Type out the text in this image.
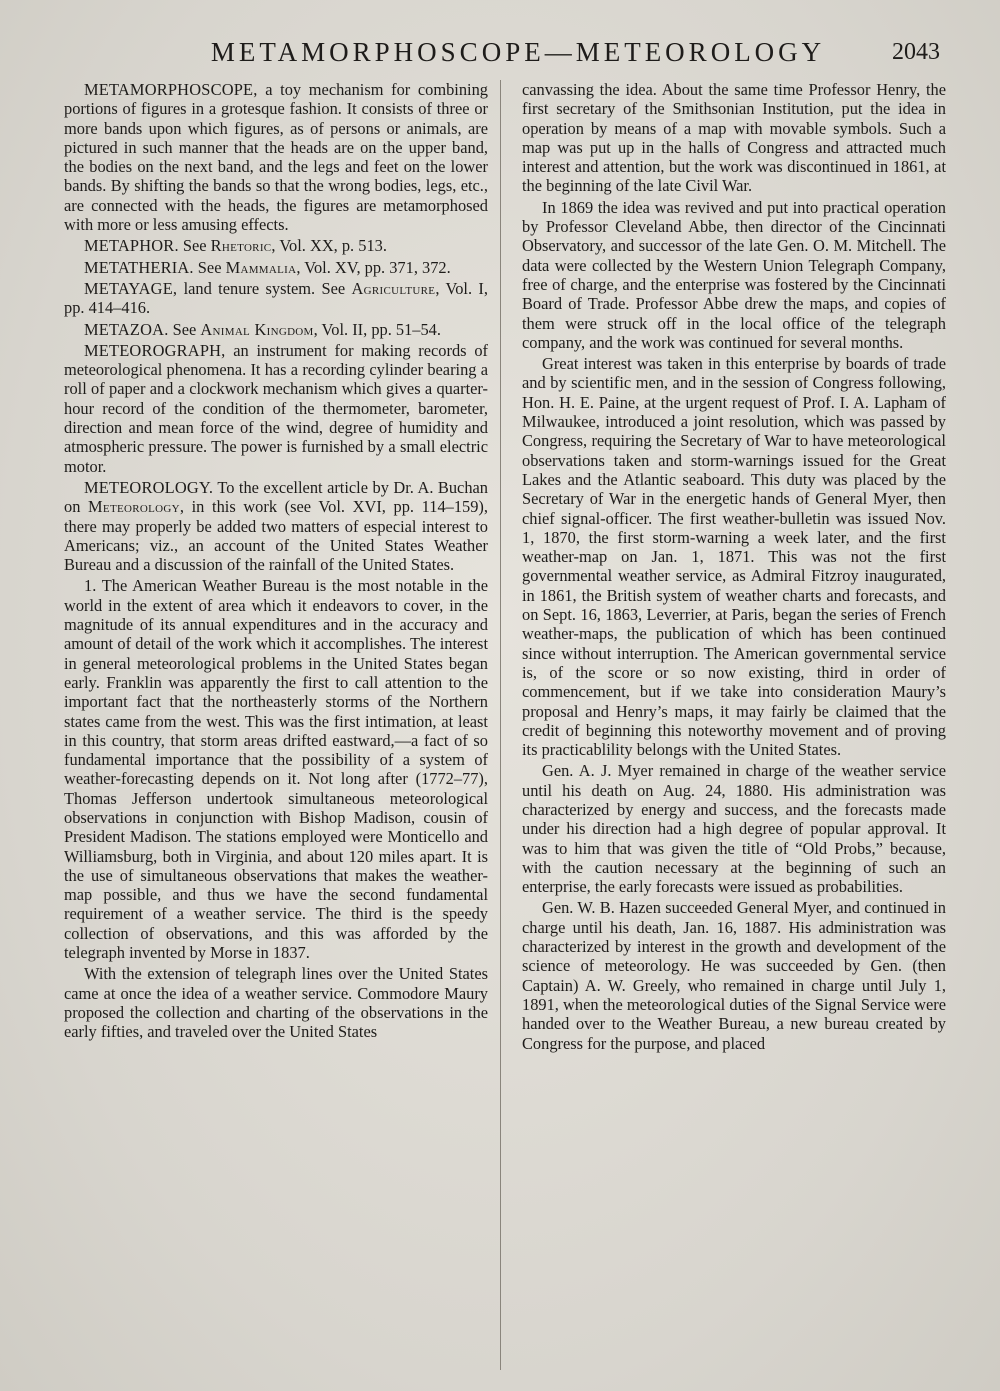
METAMORPHOSCOPE—METEOROLOGY	2043

METAMORPHOSCOPE, a toy mechanism for combining portions of figures in a grotesque fashion. It consists of three or more bands upon which figures, as of persons or animals, are pictured in such manner that the heads are on the upper band, the bodies on the next band, and the legs and feet on the lower bands. By shifting the bands so that the wrong bodies, legs, etc., are connected with the heads, the figures are metamorphosed with more or less amusing effects.

METAPHOR. See Rhetoric, Vol. XX, p. 513.

METATHERIA. See Mammalia, Vol. XV, pp. 371, 372.

METAYAGE, land tenure system. See Agriculture, Vol. I, pp. 414–416.

METAZOA. See Animal Kingdom, Vol. II, pp. 51–54.

METEOROGRAPH, an instrument for making records of meteorological phenomena. It has a recording cylinder bearing a roll of paper and a clockwork mechanism which gives a quarter-hour record of the condition of the thermometer, barometer, direction and mean force of the wind, degree of humidity and atmospheric pressure. The power is furnished by a small electric motor.

METEOROLOGY. To the excellent article by Dr. A. Buchan on Meteorology, in this work (see Vol. XVI, pp. 114–159), there may properly be added two matters of especial interest to Americans; viz., an account of the United States Weather Bureau and a discussion of the rainfall of the United States.

1. The American Weather Bureau is the most notable in the world in the extent of area which it endeavors to cover, in the magnitude of its annual expenditures and in the accuracy and amount of detail of the work which it accomplishes. The interest in general meteorological problems in the United States began early. Franklin was apparently the first to call attention to the important fact that the northeasterly storms of the Northern states came from the west. This was the first intimation, at least in this country, that storm areas drifted eastward,—a fact of so fundamental importance that the possibility of a system of weather-forecasting depends on it. Not long after (1772–77), Thomas Jefferson undertook simultaneous meteorological observations in conjunction with Bishop Madison, cousin of President Madison. The stations employed were Monticello and Williamsburg, both in Virginia, and about 120 miles apart. It is the use of simultaneous observations that makes the weather-map possible, and thus we have the second fundamental requirement of a weather service. The third is the speedy collection of observations, and this was afforded by the telegraph invented by Morse in 1837.

With the extension of telegraph lines over the United States came at once the idea of a weather service. Commodore Maury proposed the collection and charting of the observations in the early fifties, and traveled over the United States

canvassing the idea. About the same time Professor Henry, the first secretary of the Smithsonian Institution, put the idea in operation by means of a map with movable symbols. Such a map was put up in the halls of Congress and attracted much interest and attention, but the work was discontinued in 1861, at the beginning of the late Civil War.

In 1869 the idea was revived and put into practical operation by Professor Cleveland Abbe, then director of the Cincinnati Observatory, and successor of the late Gen. O. M. Mitchell. The data were collected by the Western Union Telegraph Company, free of charge, and the enterprise was fostered by the Cincinnati Board of Trade. Professor Abbe drew the maps, and copies of them were struck off in the local office of the telegraph company, and the work was continued for several months.

Great interest was taken in this enterprise by boards of trade and by scientific men, and in the session of Congress following, Hon. H. E. Paine, at the urgent request of Prof. I. A. Lapham of Milwaukee, introduced a joint resolution, which was passed by Congress, requiring the Secretary of War to have meteorological observations taken and storm-warnings issued for the Great Lakes and the Atlantic seaboard. This duty was placed by the Secretary of War in the energetic hands of General Myer, then chief signal-officer. The first weather-bulletin was issued Nov. 1, 1870, the first storm-warning a week later, and the first weather-map on Jan. 1, 1871. This was not the first governmental weather service, as Admiral Fitzroy inaugurated, in 1861, the British system of weather charts and forecasts, and on Sept. 16, 1863, Leverrier, at Paris, began the series of French weather-maps, the publication of which has been continued since without interruption. The American governmental service is, of the score or so now existing, third in order of commencement, but if we take into consideration Maury’s proposal and Henry’s maps, it may fairly be claimed that the credit of beginning this noteworthy movement and of proving its practicablility belongs with the United States.

Gen. A. J. Myer remained in charge of the weather service until his death on Aug. 24, 1880. His administration was characterized by energy and success, and the forecasts made under his direction had a high degree of popular approval. It was to him that was given the title of “Old Probs,” because, with the caution necessary at the beginning of such an enterprise, the early forecasts were issued as probabilities.

Gen. W. B. Hazen succeeded General Myer, and continued in charge until his death, Jan. 16, 1887. His administration was characterized by interest in the growth and development of the science of meteorology. He was succeeded by Gen. (then Captain) A. W. Greely, who remained in charge until July 1, 1891, when the meteorological duties of the Signal Service were handed over to the Weather Bureau, a new bureau created by Congress for the purpose, and placed
